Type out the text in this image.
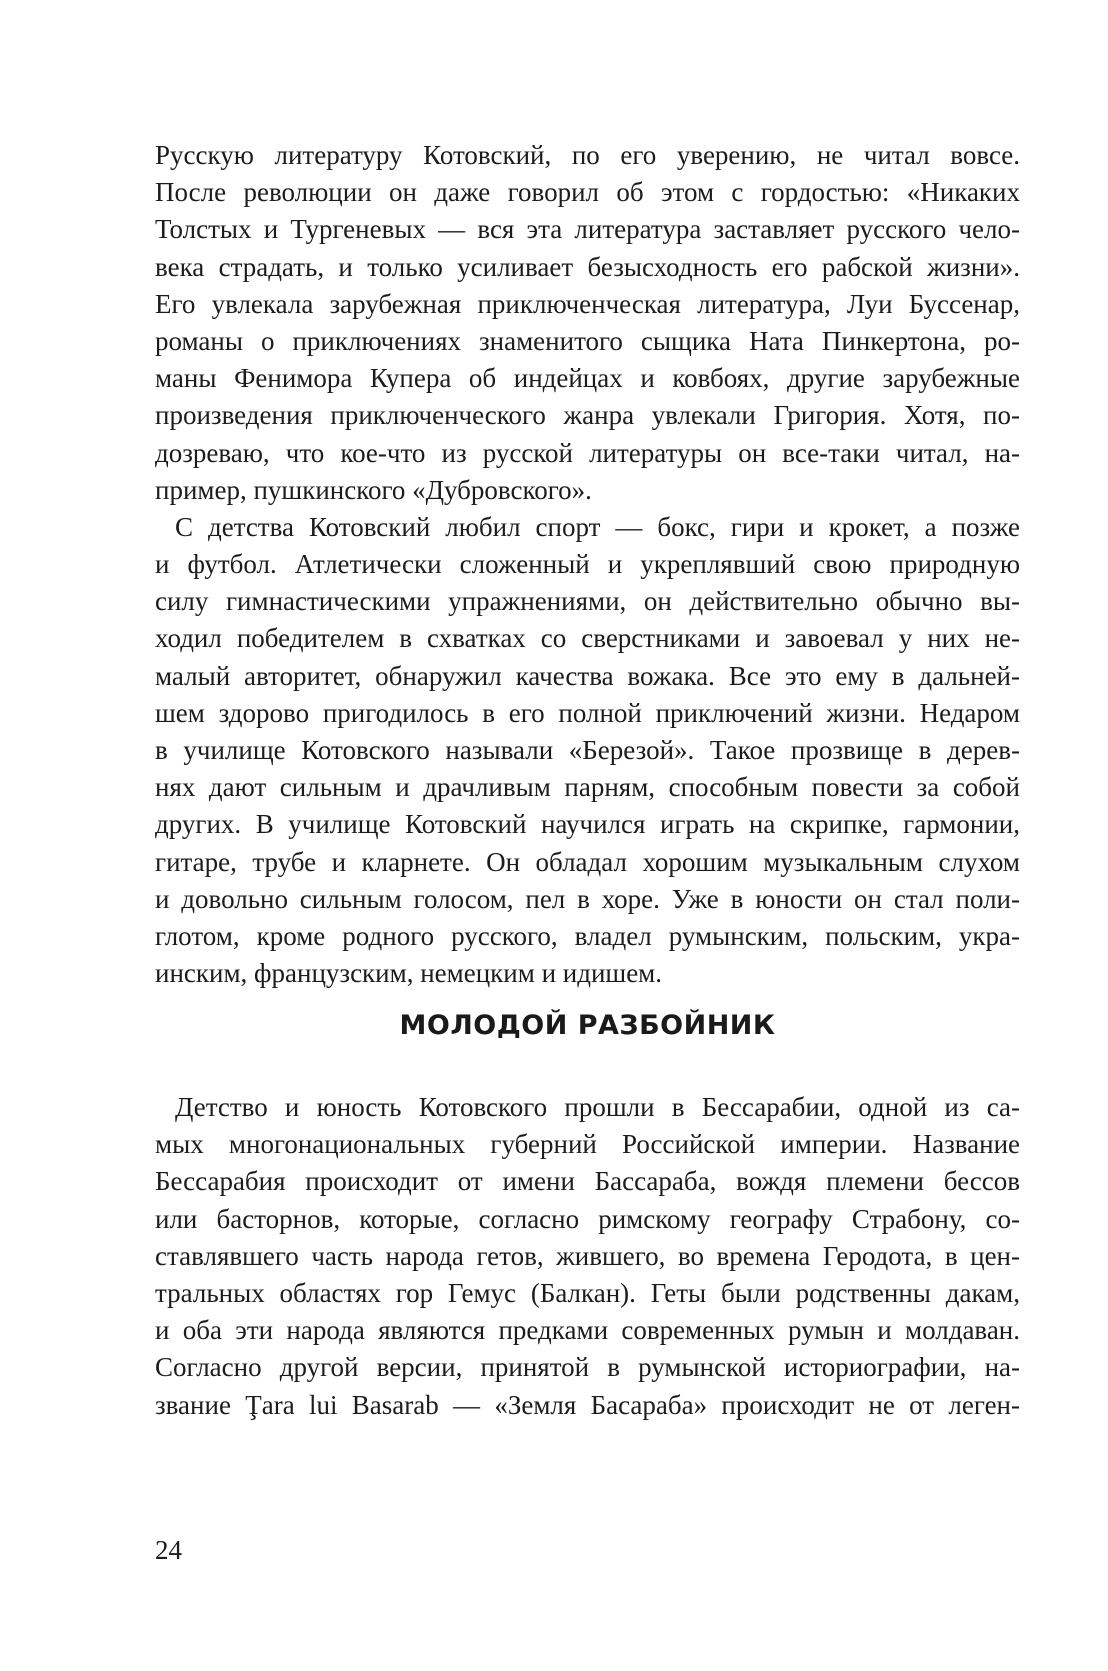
Русскую литературу Котовский, по его уверению, не читал вовсе.
После революции он даже говорил об этом с гордостью: «Никаких
Толстых и Тургеневых — вся эта литература заставляет русского чело-
века страдать, и только усиливает безысходность его рабской жизни».
Его увлекала зарубежная приключенческая литература, Луи Буссенар,
романы о приключениях знаменитого сыщика Ната Пинкертона, ро-
маны Фенимора Купера об индейцах и ковбоях, другие зарубежные
произведения приключенческого жанра увлекали Григория. Хотя, по-
дозреваю, что кое-что из русской литературы он все-таки читал, на-
пример, пушкинского «Дубровского».
С детства Котовский любил спорт — бокс, гири и крокет, а позже
и футбол. Атлетически сложенный и укреплявший свою природную
силу гимнастическими упражнениями, он действительно обычно вы-
ходил победителем в схватках со сверстниками и завоевал у них не-
малый авторитет, обнаружил качества вожака. Все это ему в дальней-
шем здорово пригодилось в его полной приключений жизни. Недаром
в училище Котовского называли «Березой». Такое прозвище в дерев-
нях дают сильным и драчливым парням, способным повести за собой
других. В училище Котовский научился играть на скрипке, гармонии,
гитаре, трубе и кларнете. Он обладал хорошим музыкальным слухом
и довольно сильным голосом, пел в хоре. Уже в юности он стал поли-
глотом, кроме родного русского, владел румынским, польским, укра-
инским, французским, немецким и идишем.
МОЛОДОЙ РАЗБОЙНИК
Детство и юность Котовского прошли в Бессарабии, одной из са-
мых многонациональных губерний Российской империи. Название
Бессарабия происходит от имени Бассараба, вождя племени бессов
или басторнов, которые, согласно римскому географу Страбону, со-
ставлявшего часть народа гетов, жившего, во времена Геродота, в цен-
тральных областях гор Гемус (Балкан). Геты были родственны дакам,
и оба эти народа являются предками современных румын и молдаван.
Согласно другой версии, принятой в румынской историографии, на-
звание Ţara lui Basarab — «Земля Басараба» происходит не от леген-
24
